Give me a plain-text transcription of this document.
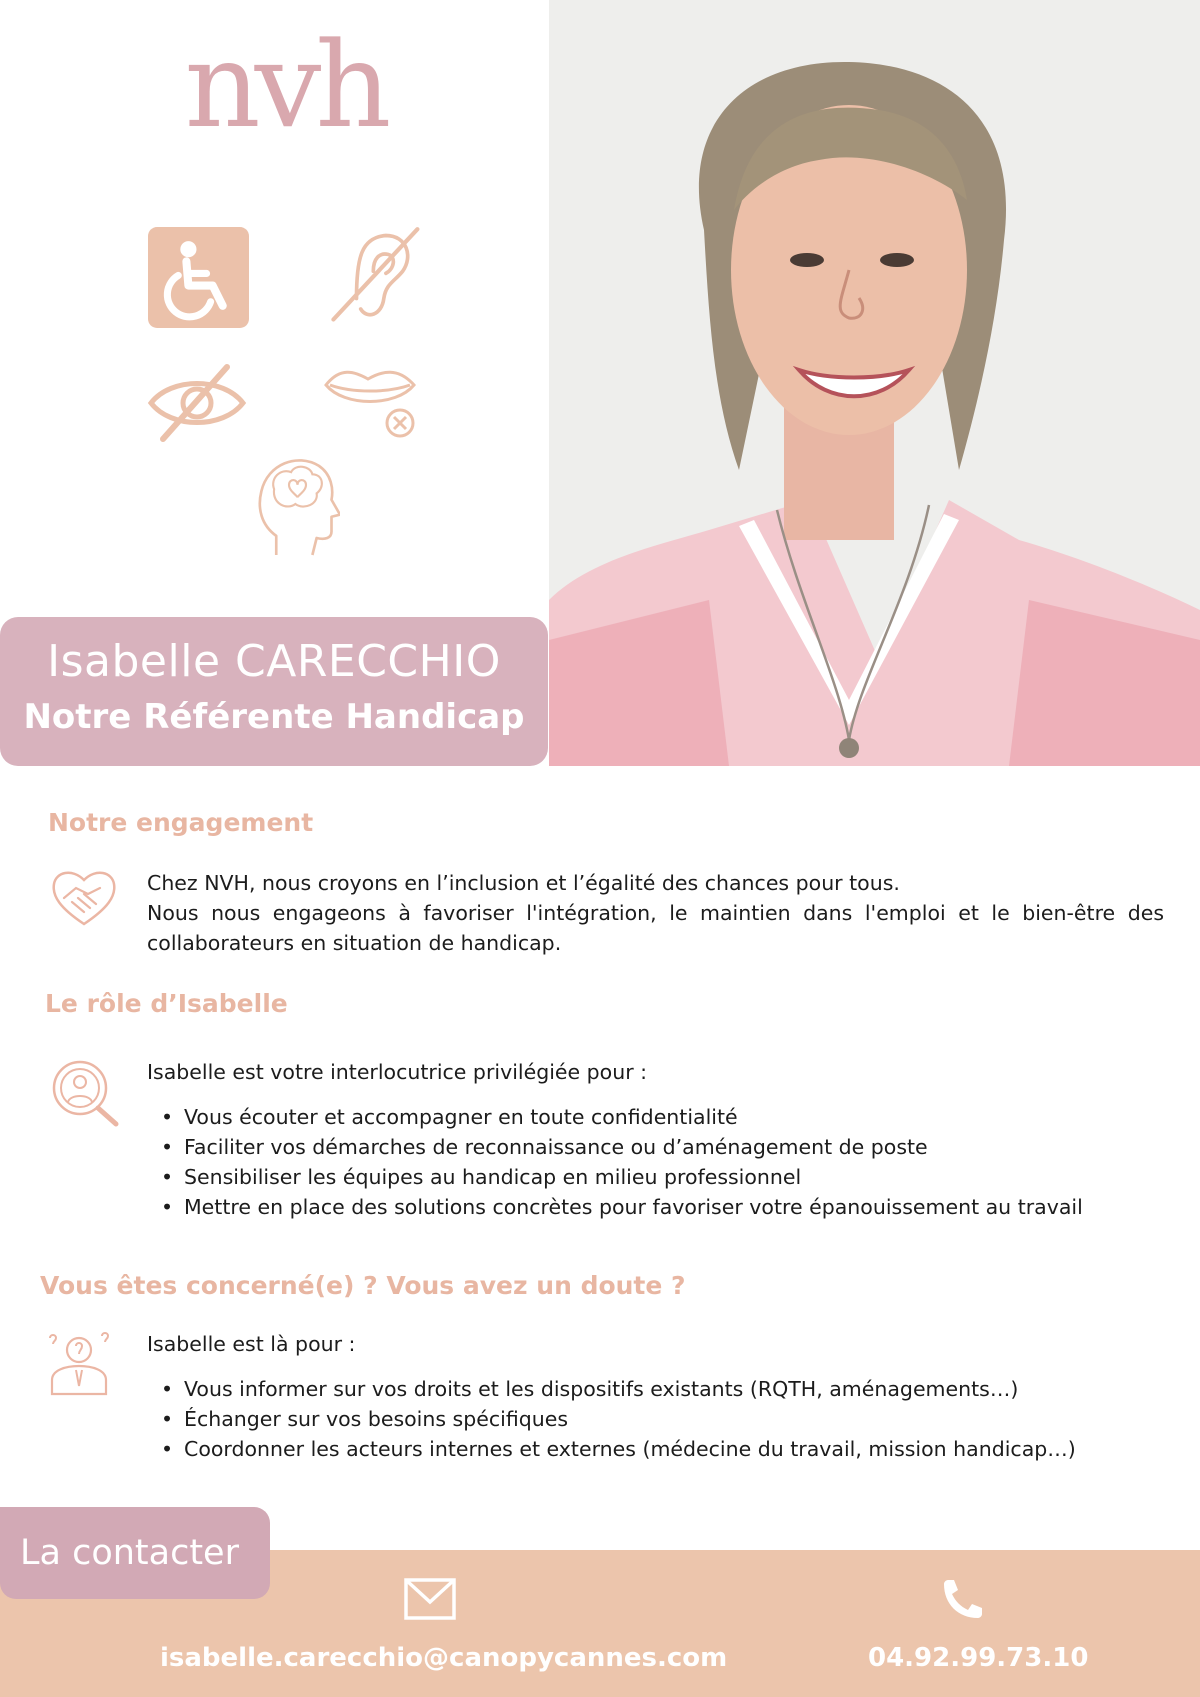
nvh
Isabelle CARECCHIO
Notre Référente Handicap
Notre engagement
Chez NVH, nous croyons en l’inclusion et l’égalité des chances pour tous.
Nous nous engageons à favoriser l'intégration, le maintien dans l'emploi et le bien-être des collaborateurs en situation de handicap.
Le rôle d’Isabelle
Isabelle est votre interlocutrice privilégiée pour :
• Vous écouter et accompagner en toute confidentialité
• Faciliter vos démarches de reconnaissance ou d’aménagement de poste
• Sensibiliser les équipes au handicap en milieu professionnel
• Mettre en place des solutions concrètes pour favoriser votre épanouissement au travail
Vous êtes concerné(e) ? Vous avez un doute ?
Isabelle est là pour :
• Vous informer sur vos droits et les dispositifs existants (RQTH, aménagements…)
• Échanger sur vos besoins spécifiques
• Coordonner les acteurs internes et externes (médecine du travail, mission handicap…)
isabelle.carecchio@canopycannes.com	04.92.99.73.10
La contacter
